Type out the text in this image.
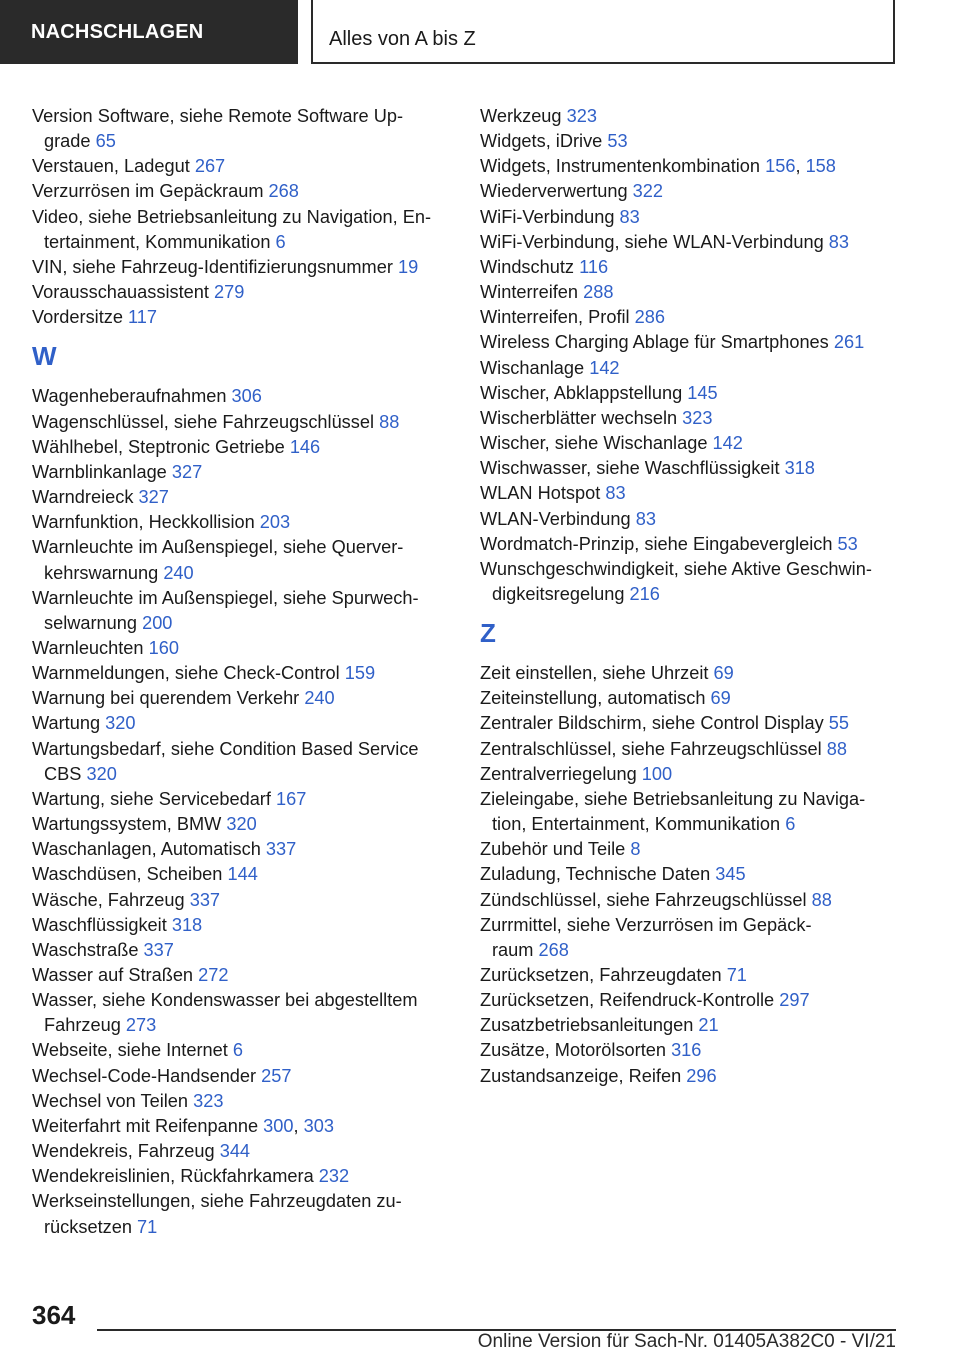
NACHSCHLAGEN	Alles von A bis Z
Version Software, siehe Remote Software Up-
grade 65
Verstauen, Ladegut 267
Verzurrösen im Gepäckraum 268
Video, siehe Betriebsanleitung zu Navigation, En-
tertainment, Kommunikation 6
VIN, siehe Fahrzeug-Identifizierungsnummer 19
Vorausschauassistent 279
Vordersitze 117
W
Wagenheberaufnahmen 306
Wagenschlüssel, siehe Fahrzeugschlüssel 88
Wählhebel, Steptronic Getriebe 146
Warnblinkanlage 327
Warndreieck 327
Warnfunktion, Heckkollision 203
Warnleuchte im Außenspiegel, siehe Querver-
kehrswarnung 240
Warnleuchte im Außenspiegel, siehe Spurwech-
selwarnung 200
Warnleuchten 160
Warnmeldungen, siehe Check-Control 159
Warnung bei querendem Verkehr 240
Wartung 320
Wartungsbedarf, siehe Condition Based Service
CBS 320
Wartung, siehe Servicebedarf 167
Wartungssystem, BMW 320
Waschanlagen, Automatisch 337
Waschdüsen, Scheiben 144
Wäsche, Fahrzeug 337
Waschflüssigkeit 318
Waschstraße 337
Wasser auf Straßen 272
Wasser, siehe Kondenswasser bei abgestelltem
Fahrzeug 273
Webseite, siehe Internet 6
Wechsel-Code-Handsender 257
Wechsel von Teilen 323
Weiterfahrt mit Reifenpanne 300, 303
Wendekreis, Fahrzeug 344
Wendekreislinien, Rückfahrkamera 232
Werkseinstellungen, siehe Fahrzeugdaten zu-
rücksetzen 71
Werkzeug 323
Widgets, iDrive 53
Widgets, Instrumentenkombination 156, 158
Wiederverwertung 322
WiFi-Verbindung 83
WiFi-Verbindung, siehe WLAN-Verbindung 83
Windschutz 116
Winterreifen 288
Winterreifen, Profil 286
Wireless Charging Ablage für Smartphones 261
Wischanlage 142
Wischer, Abklappstellung 145
Wischerblätter wechseln 323
Wischer, siehe Wischanlage 142
Wischwasser, siehe Waschflüssigkeit 318
WLAN Hotspot 83
WLAN-Verbindung 83
Wordmatch-Prinzip, siehe Eingabevergleich 53
Wunschgeschwindigkeit, siehe Aktive Geschwin-
digkeitsregelung 216
Z
Zeit einstellen, siehe Uhrzeit 69
Zeiteinstellung, automatisch 69
Zentraler Bildschirm, siehe Control Display 55
Zentralschlüssel, siehe Fahrzeugschlüssel 88
Zentralverriegelung 100
Zieleingabe, siehe Betriebsanleitung zu Naviga-
tion, Entertainment, Kommunikation 6
Zubehör und Teile 8
Zuladung, Technische Daten 345
Zündschlüssel, siehe Fahrzeugschlüssel 88
Zurrmittel, siehe Verzurrösen im Gepäck-
raum 268
Zurücksetzen, Fahrzeugdaten 71
Zurücksetzen, Reifendruck-Kontrolle 297
Zusatzbetriebsanleitungen 21
Zusätze, Motorölsorten 316
Zustandsanzeige, Reifen 296
364
Online Version für Sach-Nr. 01405A382C0 - VI/21
